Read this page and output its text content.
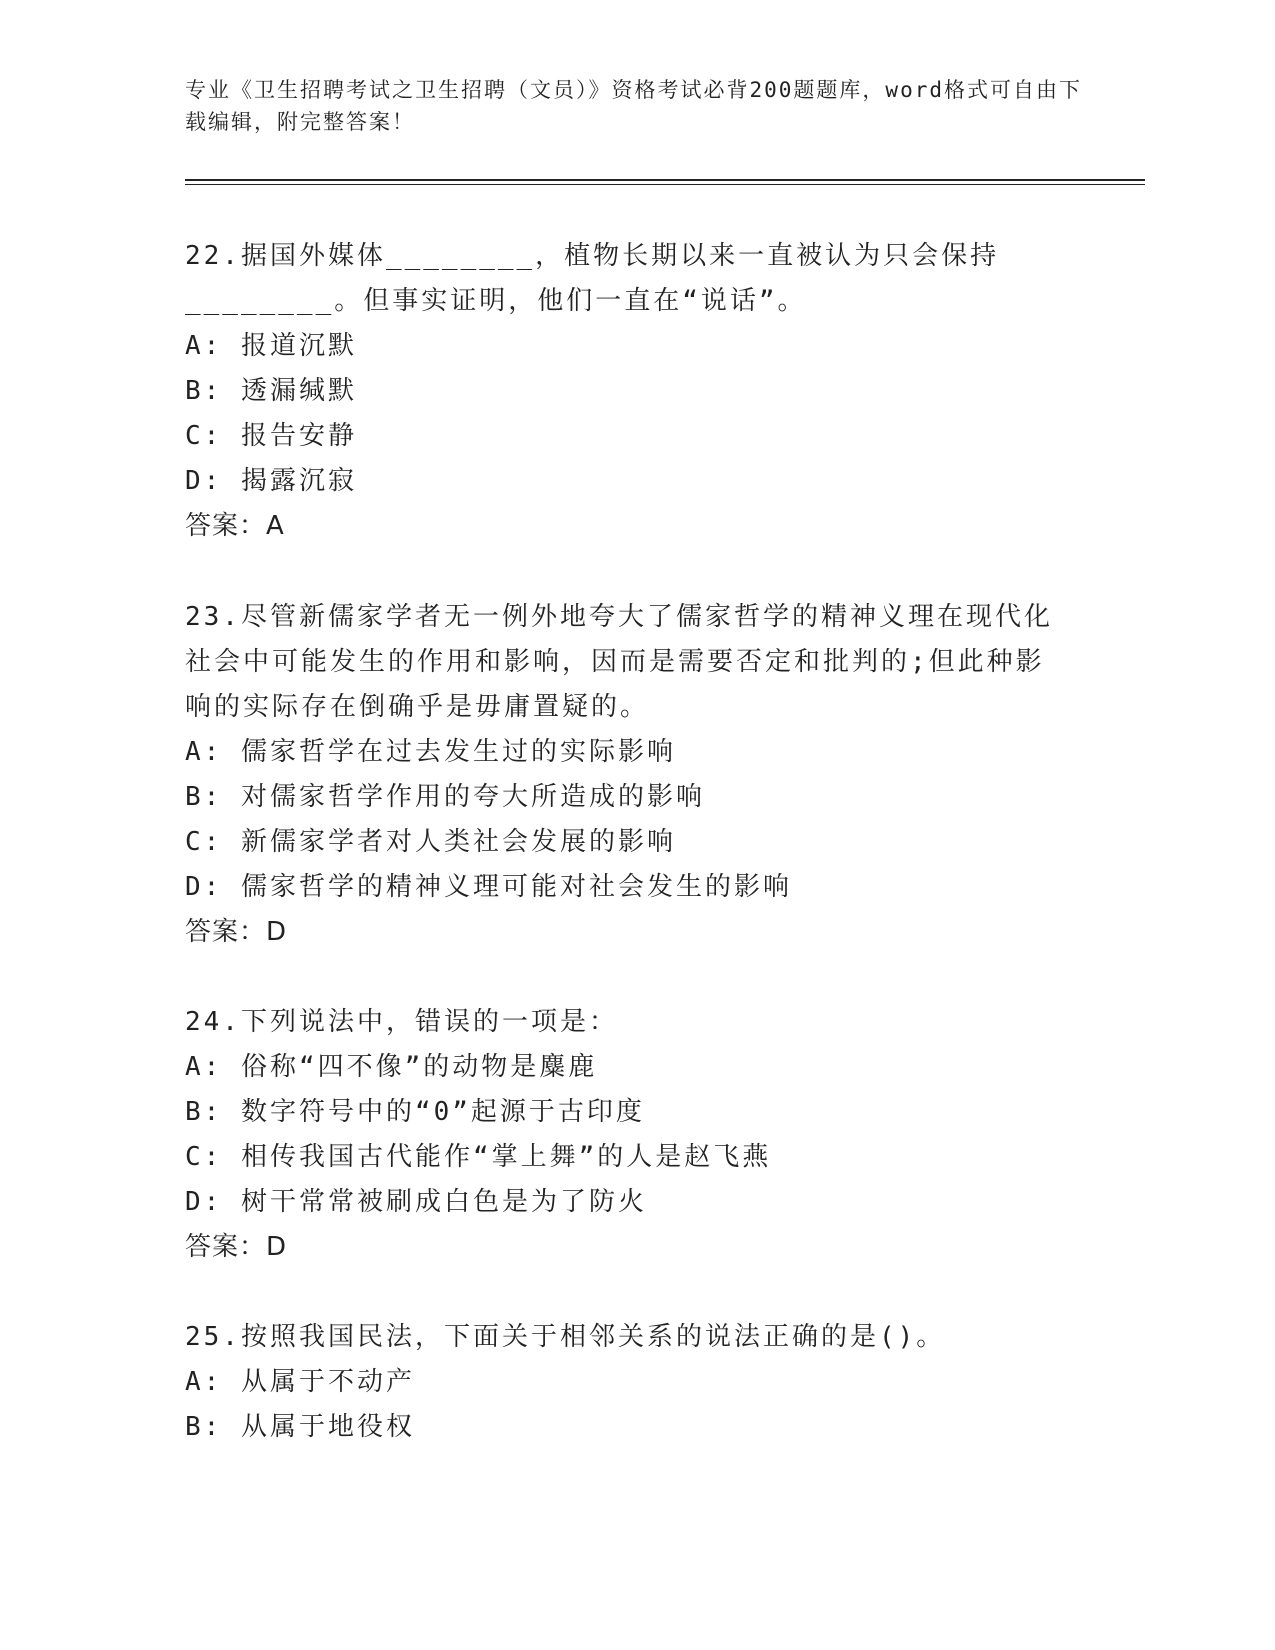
专业《卫生招聘考试之卫生招聘（文员）》资格考试必背200题题库，word格式可自由下载编辑，附完整答案！
22.据国外媒体________，植物长期以来一直被认为只会保持________。但事实证明，他们一直在“说话”。
A: 报道沉默
B: 透漏缄默
C: 报告安静
D: 揭露沉寂
答案：A
23.尽管新儒家学者无一例外地夸大了儒家哲学的精神义理在现代化社会中可能发生的作用和影响，因而是需要否定和批判的;但此种影响的实际存在倒确乎是毋庸置疑的。
A: 儒家哲学在过去发生过的实际影响
B: 对儒家哲学作用的夸大所造成的影响
C: 新儒家学者对人类社会发展的影响
D: 儒家哲学的精神义理可能对社会发生的影响
答案：D
24.下列说法中，错误的一项是：
A: 俗称“四不像”的动物是麋鹿
B: 数字符号中的“0”起源于古印度
C: 相传我国古代能作“掌上舞”的人是赵飞燕
D: 树干常常被刷成白色是为了防火
答案：D
25.按照我国民法，下面关于相邻关系的说法正确的是()。
A: 从属于不动产
B: 从属于地役权
